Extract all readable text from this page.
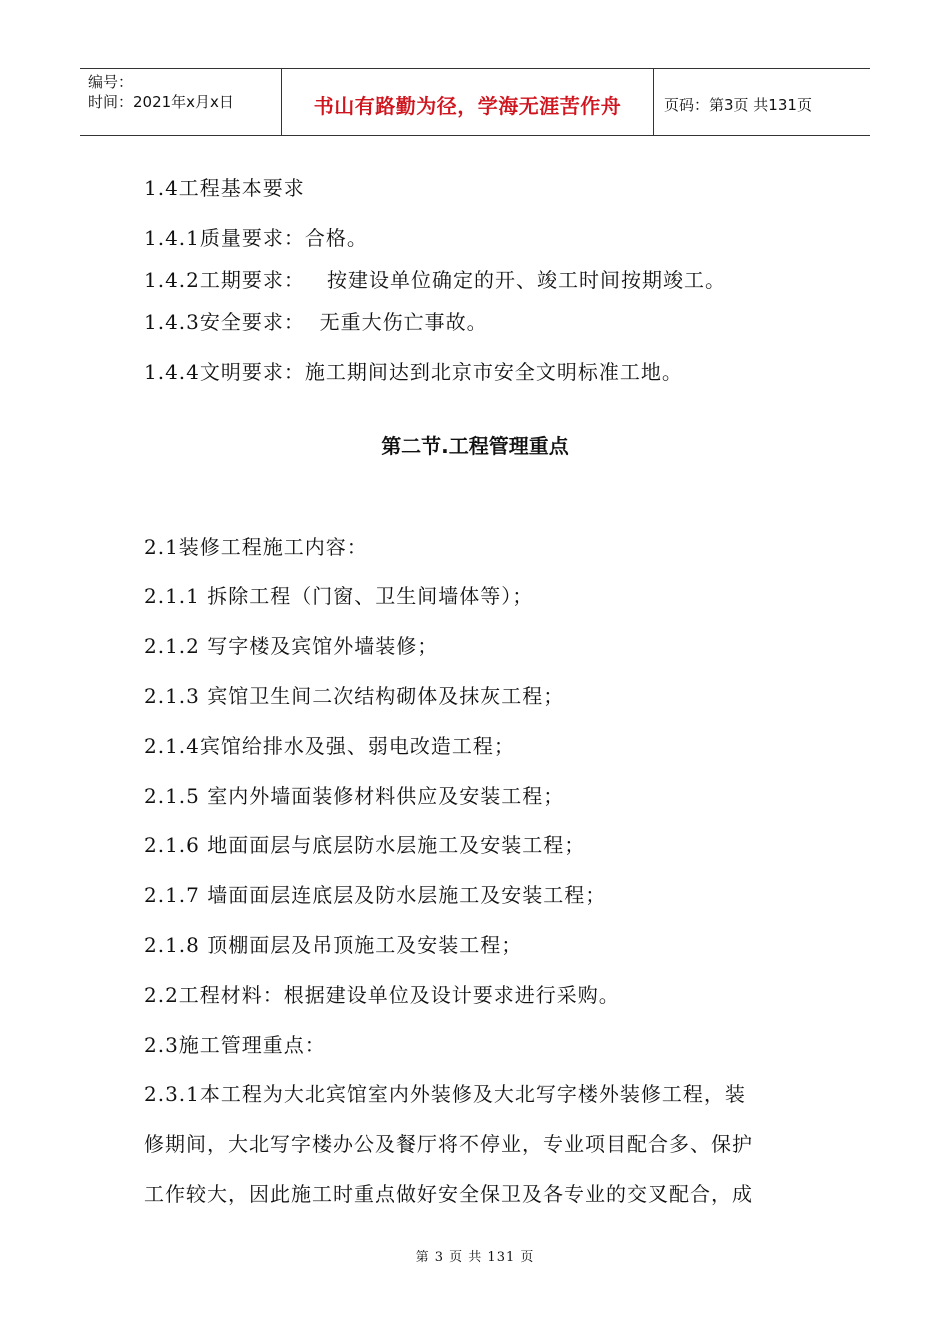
编号：
时间：2021年x月x日	书山有路勤为径，学海无涯苦作舟	页码：第3页 共131页
1.4工程基本要求
1.4.1质量要求：合格。
1.4.2工期要求：   按建设单位确定的开、竣工时间按期竣工。
1.4.3安全要求：  无重大伤亡事故。
1.4.4文明要求：施工期间达到北京市安全文明标准工地。
第二节.工程管理重点
2.1装修工程施工内容：
2.1.1 拆除工程（门窗、卫生间墙体等）；
2.1.2 写字楼及宾馆外墙装修；
2.1.3 宾馆卫生间二次结构砌体及抹灰工程；
2.1.4宾馆给排水及强、弱电改造工程；
2.1.5 室内外墙面装修材料供应及安装工程；
2.1.6 地面面层与底层防水层施工及安装工程；
2.1.7 墙面面层连底层及防水层施工及安装工程；
2.1.8 顶棚面层及吊顶施工及安装工程；
2.2工程材料：根据建设单位及设计要求进行采购。
2.3施工管理重点：
2.3.1本工程为大北宾馆室内外装修及大北写字楼外装修工程，装
修期间，大北写字楼办公及餐厅将不停业，专业项目配合多、保护
工作较大，因此施工时重点做好安全保卫及各专业的交叉配合，成
第 3 页 共 131 页
